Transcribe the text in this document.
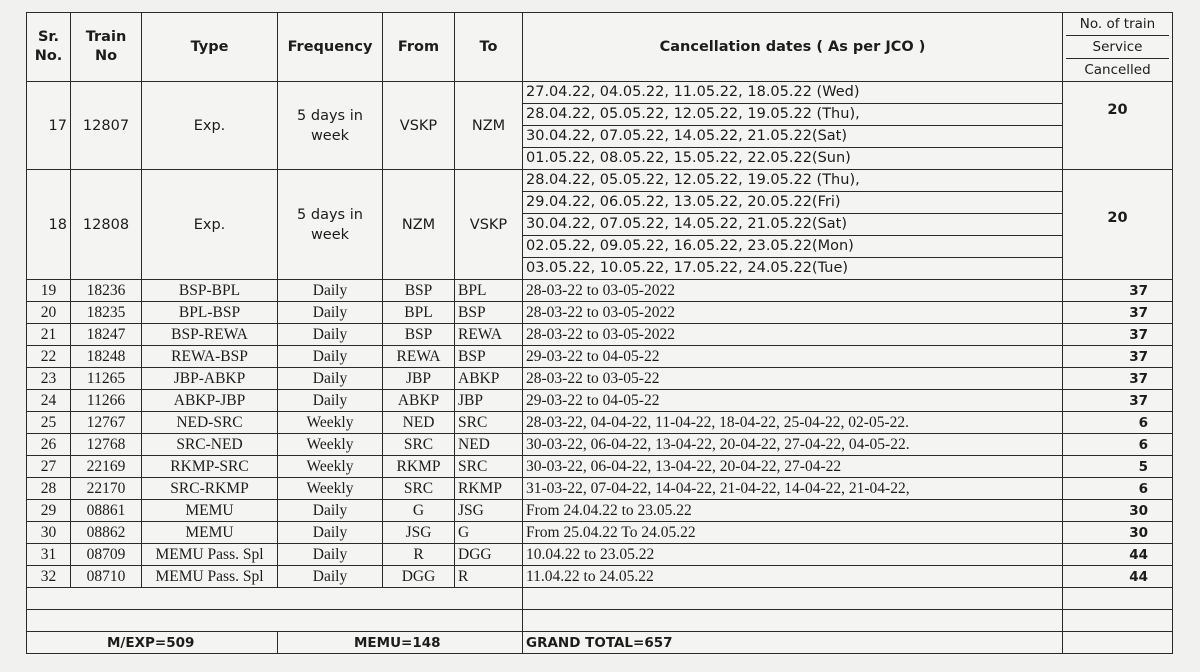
Sr. No.	Train No	Type	Frequency	From	To	Cancellation dates ( As per JCO )	No. of train
Service
Cancelled

17	12807	Exp.	5 days in week	VSKP	NZM	27.04.22, 04.05.22, 11.05.22, 18.05.22 (Wed)
28.04.22, 05.05.22, 12.05.22, 19.05.22 (Thu),
30.04.22, 07.05.22, 14.05.22, 21.05.22(Sat)
01.05.22, 08.05.22, 15.05.22, 22.05.22(Sun)	20
18	12808	Exp.	5 days in week	NZM	VSKP	28.04.22, 05.05.22, 12.05.22, 19.05.22 (Thu),
29.04.22, 06.05.22, 13.05.22, 20.05.22(Fri)
30.04.22, 07.05.22, 14.05.22, 21.05.22(Sat)
02.05.22, 09.05.22, 16.05.22, 23.05.22(Mon)
03.05.22, 10.05.22, 17.05.22, 24.05.22(Tue)	20
19	18236	BSP-BPL	Daily	BSP	BPL	28-03-22 to 03-05-2022	37
20	18235	BPL-BSP	Daily	BPL	BSP	28-03-22 to 03-05-2022	37
21	18247	BSP-REWA	Daily	BSP	REWA	28-03-22 to 03-05-2022	37
22	18248	REWA-BSP	Daily	REWA	BSP	29-03-22 to 04-05-22	37
23	11265	JBP-ABKP	Daily	JBP	ABKP	28-03-22 to 03-05-22	37
24	11266	ABKP-JBP	Daily	ABKP	JBP	29-03-22 to 04-05-22	37
25	12767	NED-SRC	Weekly	NED	SRC	28-03-22, 04-04-22, 11-04-22, 18-04-22, 25-04-22, 02-05-22.	6
26	12768	SRC-NED	Weekly	SRC	NED	30-03-22, 06-04-22, 13-04-22, 20-04-22, 27-04-22, 04-05-22.	6
27	22169	RKMP-SRC	Weekly	RKMP	SRC	30-03-22, 06-04-22, 13-04-22, 20-04-22, 27-04-22	5
28	22170	SRC-RKMP	Weekly	SRC	RKMP	31-03-22, 07-04-22, 14-04-22, 21-04-22, 14-04-22, 21-04-22,	6
29	08861	MEMU	Daily	G	JSG	From 24.04.22 to 23.05.22	30
30	08862	MEMU	Daily	JSG	G	From 25.04.22 To 24.05.22	30
31	08709	MEMU Pass. Spl	Daily	R	DGG	10.04.22 to 23.05.22	44
32	08710	MEMU Pass. Spl	Daily	DGG	R	11.04.22 to 24.05.22	44

M/EXP=509			MEMU=148			GRAND TOTAL=657	
